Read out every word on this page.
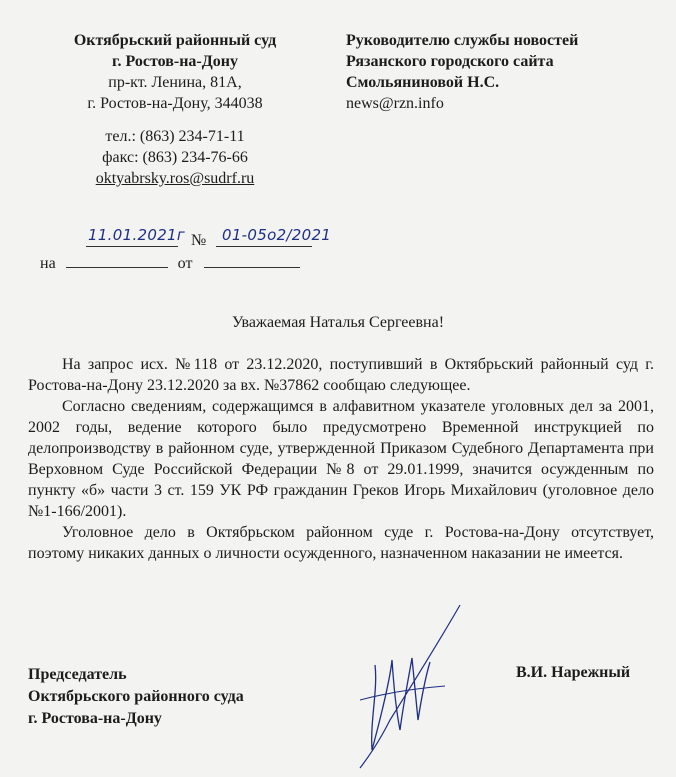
Октябрьский районный суд
г. Ростов-на-Дону
пр-кт. Ленина, 81А,
г. Ростов-на-Дону, 344038
тел.: (863) 234-71-11
факс: (863) 234-76-66
oktyabrsky.ros@sudrf.ru
Руководителю службы новостей
Рязанского городского сайта
Смольяниновой Н.С.
news@rzn.info
11.01.2021г № 01-05о2/2021
на	от
Уважаемая Наталья Сергеевна!

На запрос исх. №118 от 23.12.2020, поступивший в Октябрьский районный суд г. Ростова-на-Дону 23.12.2020 за вх. №37862 сообщаю следующее.

Согласно сведениям, содержащимся в алфавитном указателе уголовных дел за 2001, 2002 годы, ведение которого было предусмотрено Временной инструкцией по делопроизводству в районном суде, утвержденной Приказом Судебного Департамента при Верховном Суде Российской Федерации №8 от 29.01.1999, значится осужденным по пункту «б» части 3 ст. 159 УК РФ гражданин Греков Игорь Михайлович (уголовное дело №1-166/2001).

Уголовное дело в Октябрьском районном суде г. Ростова-на-Дону отсутствует, поэтому никаких данных о личности осужденного, назначенном наказании не имеется.

Председатель
Октябрьского районного суда
г. Ростова-на-Дону
В.И. Нарежный
